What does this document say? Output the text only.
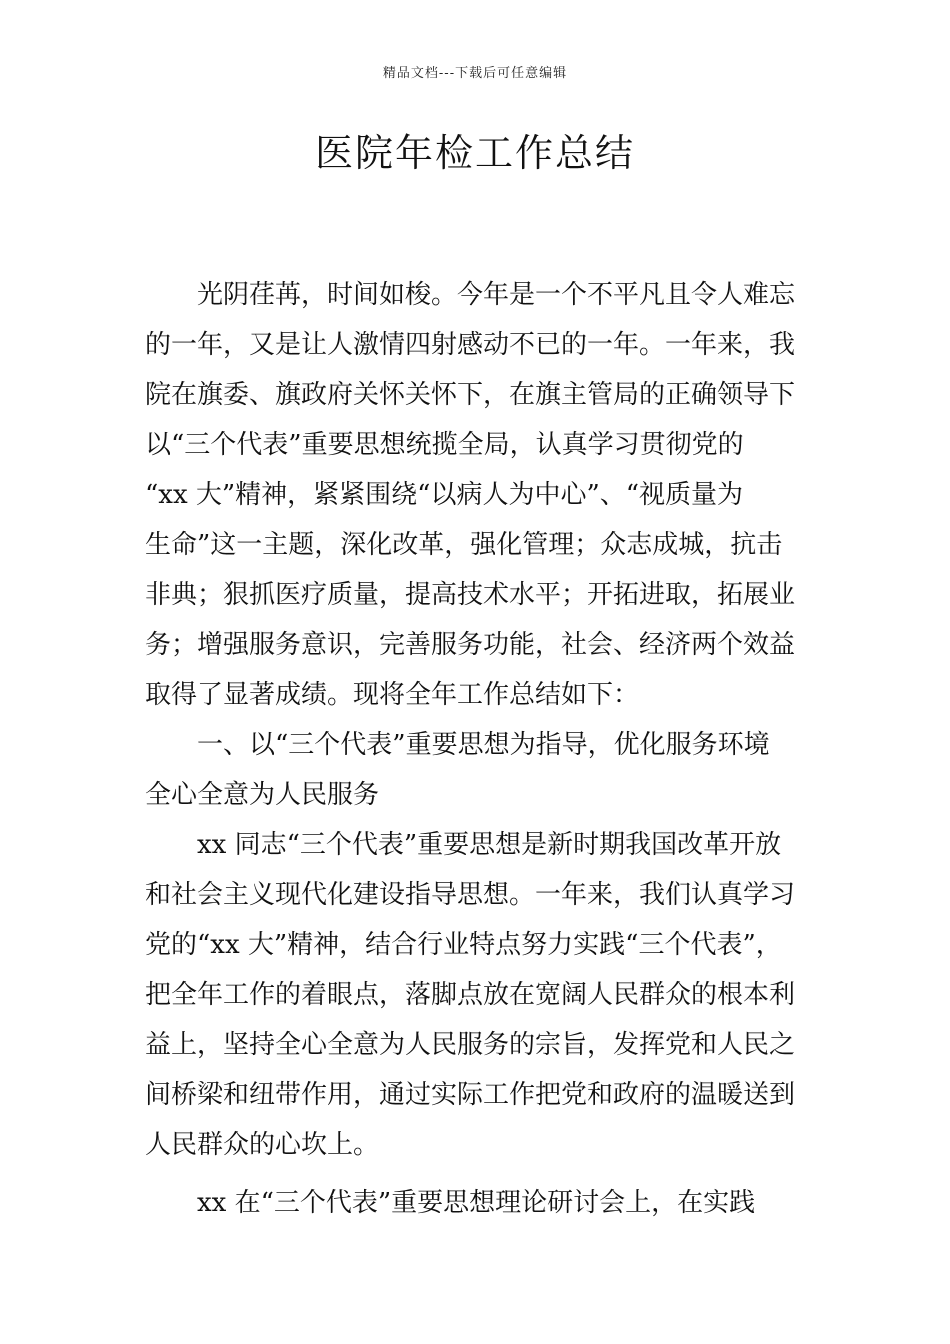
精品文档---下载后可任意编辑
医院年检工作总结
光阴荏苒，时间如梭。今年是一个不平凡且令人难忘
的一年，又是让人激情四射感动不已的一年。一年来，我
院在旗委、旗政府关怀关怀下，在旗主管局的正确领导下
以“三个代表”重要思想统揽全局，认真学习贯彻党的
“xx 大”精神，紧紧围绕“以病人为中心”、“视质量为
生命”这一主题，深化改革，强化管理；众志成城，抗击
非典；狠抓医疗质量，提高技术水平；开拓进取，拓展业
务；增强服务意识，完善服务功能，社会、经济两个效益
取得了显著成绩。现将全年工作总结如下：
一、以“三个代表”重要思想为指导，优化服务环境
全心全意为人民服务
xx 同志“三个代表”重要思想是新时期我国改革开放
和社会主义现代化建设指导思想。一年来，我们认真学习
党的“xx 大”精神，结合行业特点努力实践“三个代表”，
把全年工作的着眼点，落脚点放在宽阔人民群众的根本利
益上，坚持全心全意为人民服务的宗旨，发挥党和人民之
间桥梁和纽带作用，通过实际工作把党和政府的温暖送到
人民群众的心坎上。
xx 在“三个代表”重要思想理论研讨会上，在实践
